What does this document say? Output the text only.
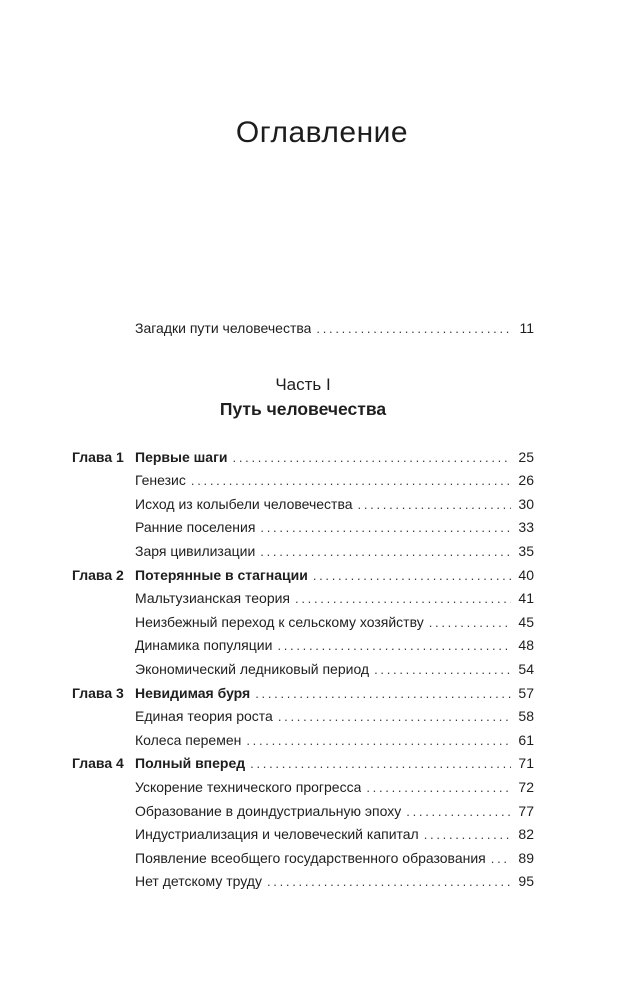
Оглавление
Загадки пути человечества .....	11
Часть I
Путь человечества
Глава 1 Первые шаги .....	25
Генезис .....	26
Исход из колыбели человечества .....	30
Ранние поселения .....	33
Заря цивилизации .....	35
Глава 2 Потерянные в стагнации .....	40
Мальтузианская теория .....	41
Неизбежный переход к сельскому хозяйству .....	45
Динамика популяции .....	48
Экономический ледниковый период .....	54
Глава 3 Невидимая буря .....	57
Единая теория роста .....	58
Колеса перемен .....	61
Глава 4 Полный вперед .....	71
Ускорение технического прогресса .....	72
Образование в доиндустриальную эпоху .....	77
Индустриализация и человеческий капитал .....	82
Появление всеобщего государственного образования .....	89
Нет детскому труду .....	95
